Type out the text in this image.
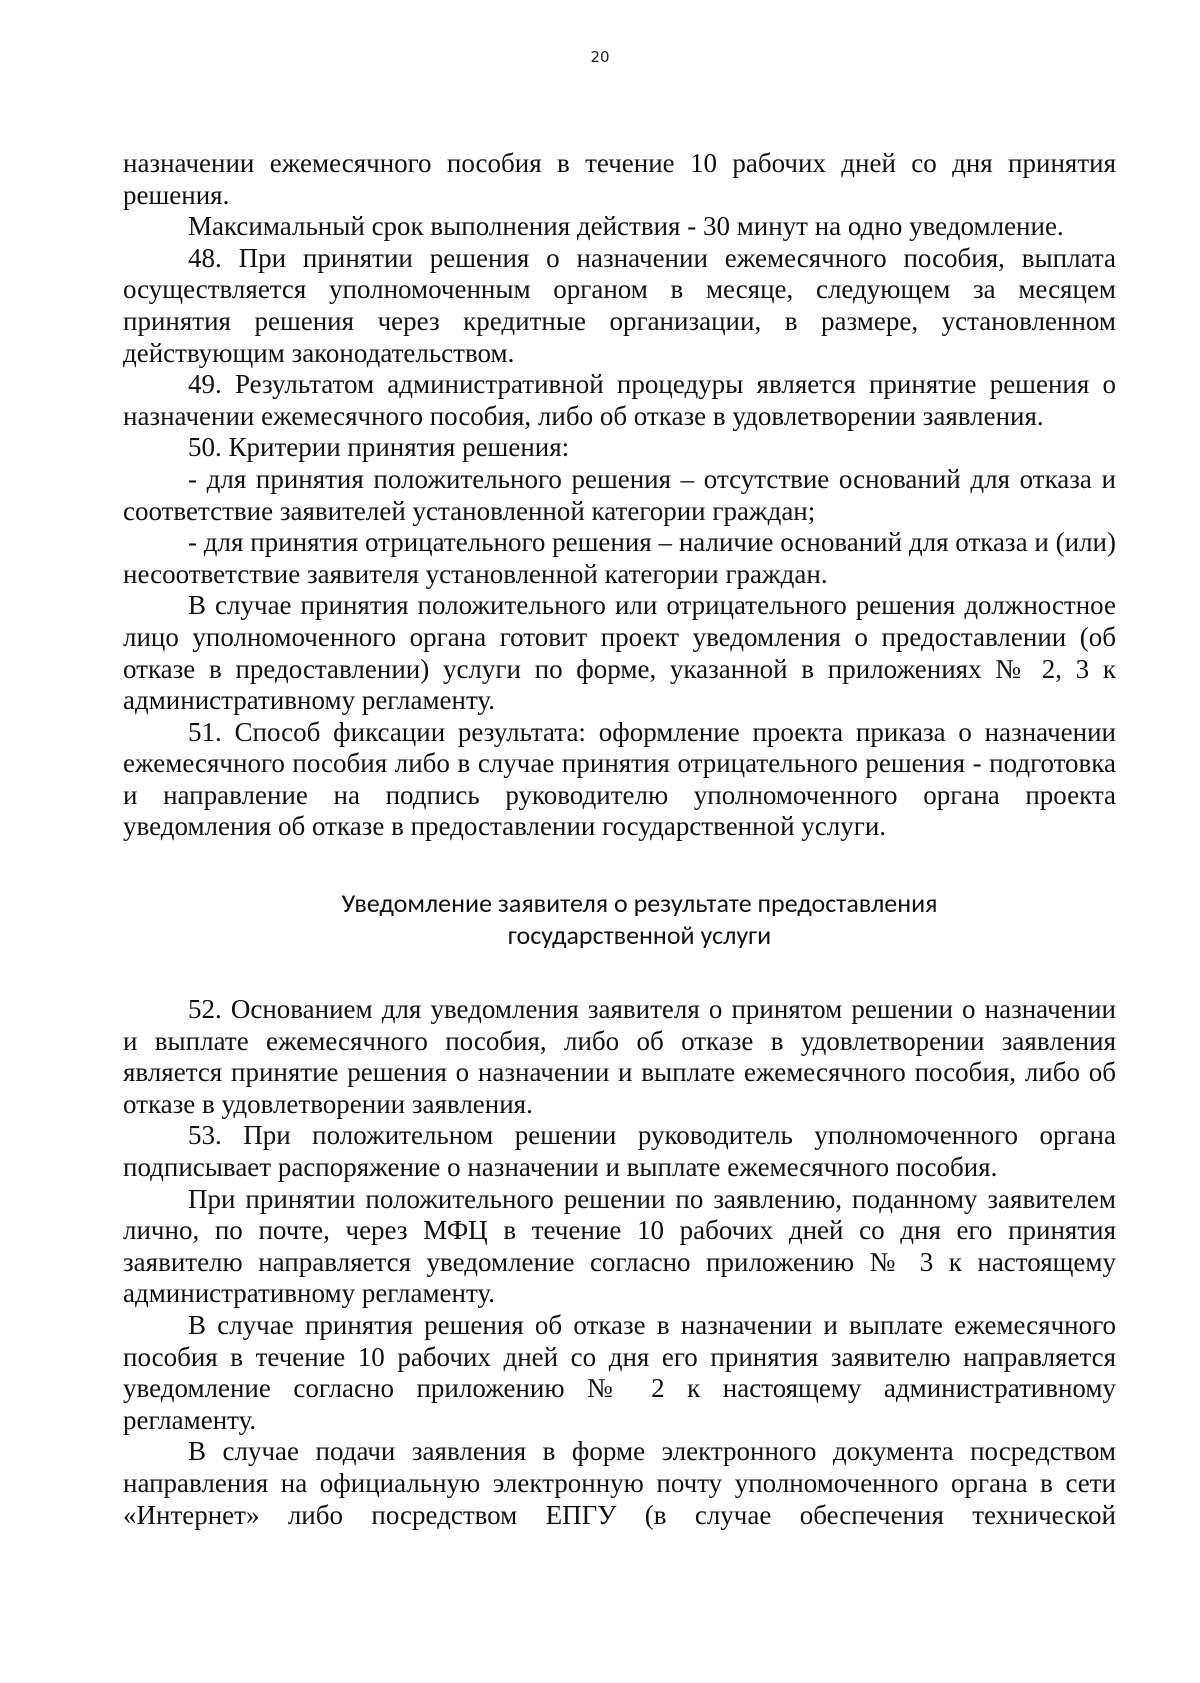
20

назначении ежемесячного пособия в течение 10 рабочих дней со дня принятия решения.

Максимальный срок выполнения действия - 30 минут на одно уведомление.

48. При принятии решения о назначении ежемесячного пособия, выплата осуществляется уполномоченным органом в месяце, следующем за месяцем принятия решения через кредитные организации, в размере, установленном действующим законодательством.

49. Результатом административной процедуры является принятие решения о назначении ежемесячного пособия, либо об отказе в удовлетворении заявления.

50. Критерии принятия решения:

- для принятия положительного решения – отсутствие оснований для отказа и соответствие заявителей установленной категории граждан;

- для принятия отрицательного решения – наличие оснований для отказа и (или) несоответствие заявителя установленной категории граждан.

В случае принятия положительного или отрицательного решения должностное лицо уполномоченного органа готовит проект уведомления о предоставлении (об отказе в предоставлении) услуги по форме, указанной в приложениях № 2, 3 к административному регламенту.

51. Способ фиксации результата: оформление проекта приказа о назначении ежемесячного пособия либо в случае принятия отрицательного решения - подготовка и направление на подпись руководителю уполномоченного органа проекта уведомления об отказе в предоставлении государственной услуги.

Уведомление заявителя о результате предоставления
государственной услуги

52. Основанием для уведомления заявителя о принятом решении о назначении и выплате ежемесячного пособия, либо об отказе в удовлетворении заявления является принятие решения о назначении и выплате ежемесячного пособия, либо об отказе в удовлетворении заявления.

53. При положительном решении руководитель уполномоченного органа подписывает распоряжение о назначении и выплате ежемесячного пособия.

При принятии положительного решении по заявлению, поданному заявителем лично, по почте, через МФЦ в течение 10 рабочих дней со дня его принятия заявителю направляется уведомление согласно приложению № 3 к настоящему административному регламенту.

В случае принятия решения об отказе в назначении и выплате ежемесячного пособия в течение 10 рабочих дней со дня его принятия заявителю направляется уведомление согласно приложению № 2 к настоящему административному регламенту.

В случае подачи заявления в форме электронного документа посредством направления на официальную электронную почту уполномоченного органа в сети «Интернет» либо посредством ЕПГУ (в случае обеспечения технической
